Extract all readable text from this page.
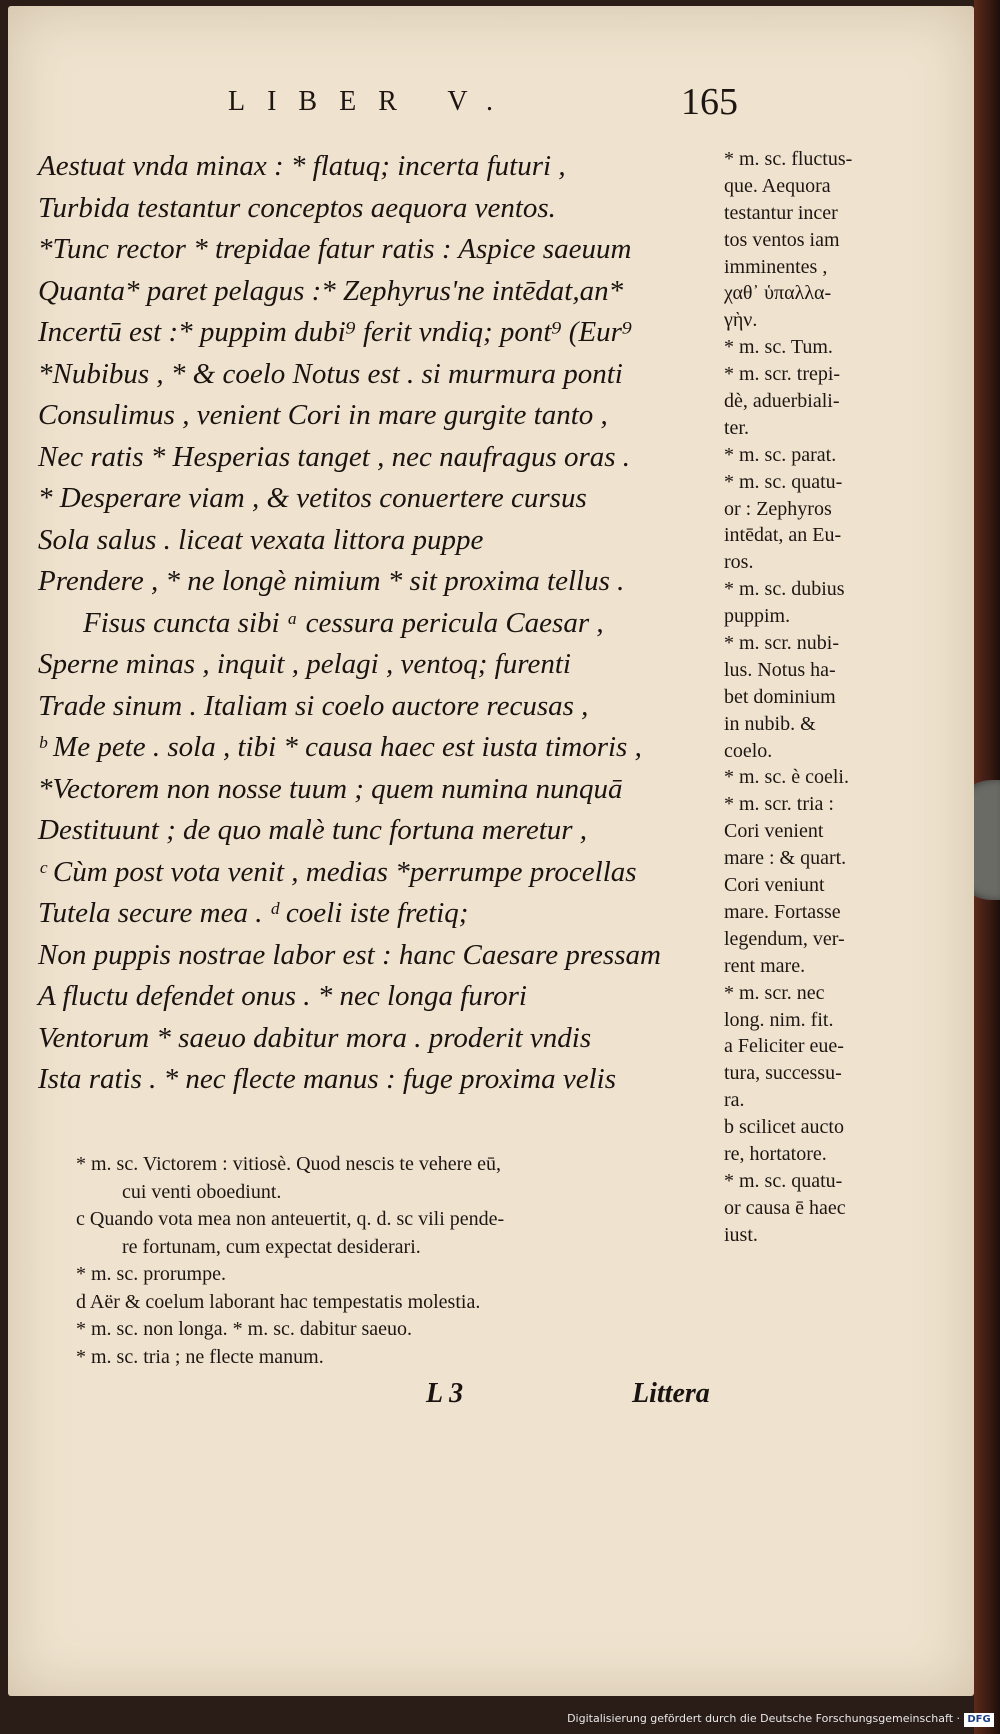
LIBER V.	165
Aestuat vnda minax : * flatuq; incerta futuri ,
Turbida testantur conceptos aequora ventos.
*Tunc rector * trepidae fatur ratis : Aspice saeuum
Quanta* paret pelagus :* Zephyrus'ne intēdat,an*
Incertū est :* puppim dubi⁹ ferit vndiq; pont⁹ (Eur⁹
*Nubibus , * & coelo Notus est . si murmura ponti
Consulimus , venient Cori in mare gurgite tanto ,
Nec ratis * Hesperias tanget , nec naufragus oras .
* Desperare viam , & vetitos conuertere cursus
Sola salus . liceat vexata littora puppe
Prendere , * ne longè nimium * sit proxima tellus .
Fisus cuncta sibi ᵃ cessura pericula Caesar ,
Sperne minas , inquit , pelagi , ventoq; furenti
Trade sinum . Italiam si coelo auctore recusas ,
ᵇ Me pete . sola , tibi * causa haec est iusta timoris ,
*Vectorem non nosse tuum ; quem numina nunquā
Destituunt ; de quo malè tunc fortuna meretur ,
ᶜ Cùm post vota venit , medias *perrumpe procellas
Tutela secure mea . ᵈ coeli iste fretiq;
Non puppis nostrae labor est : hanc Caesare pressam
A fluctu defendet onus . * nec longa furori
Ventorum * saeuo dabitur mora . proderit vndis
Ista ratis . * nec flecte manus : fuge proxima velis
* m. sc. fluctus-
que. Aequora
testantur incer
tos ventos iam
imminentes ,
χαθ᾽ ὑπαλλα-
γὴν.
* m. sc. Tum.
* m. scr. trepi-
dè, aduerbiali-
ter.
* m. sc. parat.
* m. sc. quatu-
or : Zephyros
intēdat, an Eu-
ros.
* m. sc. dubius
puppim.
* m. scr. nubi-
lus. Notus ha-
bet dominium
in nubib. &
coelo.
* m. sc. è coeli.
* m. scr. tria :
Cori venient
mare : & quart.
Cori veniunt
mare. Fortasse
legendum, ver-
rent mare.
* m. scr. nec
long. nim. fit.
a Feliciter eue-
tura, successu-
ra.
b scilicet aucto
re, hortatore.
* m. sc. quatu-
or causa ē haec
iust.
* m. sc. Victorem : vitiosè. Quod nescis te vehere eū,
cui venti oboediunt.
c Quando vota mea non anteuertit, q. d. sc vili pende-
re fortunam, cum expectat desiderari.
* m. sc. prorumpe.
d Aër & coelum laborant hac tempestatis molestia.
* m. sc. non longa. * m. sc. dabitur saeuo.
* m. sc. tria ; ne flecte manum.
L 3	Littera
Digitalisierung gefördert durch die Deutsche Forschungsgemeinschaft · DFG
